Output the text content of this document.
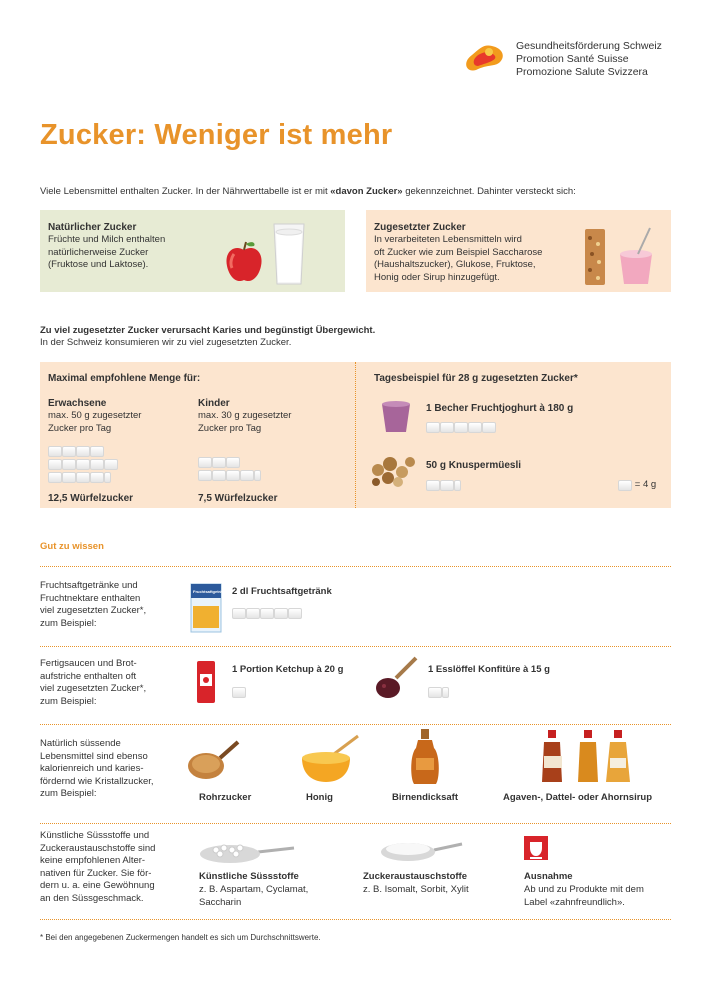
Gesundheitsförderung Schweiz
Promotion Santé Suisse
Promozione Salute Svizzera
Zucker: Weniger ist mehr
Viele Lebensmittel enthalten Zucker. In der Nährwerttabelle ist er mit «davon Zucker» gekennzeichnet. Dahinter versteckt sich:
Natürlicher Zucker
Früchte und Milch enthalten
natürlicherweise Zucker
(Fruktose und Laktose).
Zugesetzter Zucker
In verarbeiteten Lebensmitteln wird
oft Zucker wie zum Beispiel Saccharose
(Haushaltszucker), Glukose, Fruktose,
Honig oder Sirup hinzugefügt.
Zu viel zugesetzter Zucker verursacht Karies und begünstigt Übergewicht.
In der Schweiz konsumieren wir zu viel zugesetzten Zucker.
Maximal empfohlene Menge für:
Erwachsene
max. 50 g zugesetzter
Zucker pro Tag
12,5 Würfelzucker
Kinder
max. 30 g zugesetzter
Zucker pro Tag
7,5 Würfelzucker
Tagesbeispiel für 28 g zugesetzten Zucker*
1 Becher Fruchtjoghurt à 180 g
50 g Knuspermüesli
= 4 g
Gut zu wissen
Fruchtsaftgetränke und
Fruchtnektare enthalten
viel zugesetzten Zucker*,
zum Beispiel:
Fruchtsaftgetränk 2 dl Fruchtsaftgetränk
Fertigsaucen und Brot-
aufstriche enthalten oft
viel zugesetzten Zucker*,
zum Beispiel:
1 Portion Ketchup à 20 g	1 Esslöffel Konfitüre à 15 g
Natürlich süssende
Lebensmittel sind ebenso
kalorienreich und karies-
fördernd wie Kristallzucker,
zum Beispiel:	Rohrzucker	Honig	Birnendicksaft	Agaven-, Dattel- oder Ahornsirup
Künstliche Süssstoffe und
Zuckeraustauschstoffe sind
keine empfohlenen Alter-
nativen für Zucker. Sie för-
dern u. a. eine Gewöhnung
an den Süssgeschmack.
Künstliche Süssstoffe
z. B. Aspartam, Cyclamat,
Saccharin
Zuckeraustauschstoffe
z. B. Isomalt, Sorbit, Xylit
Ausnahme
Ab und zu Produkte mit dem
Label «zahnfreundlich».
* Bei den angegebenen Zuckermengen handelt es sich um Durchschnittswerte.
